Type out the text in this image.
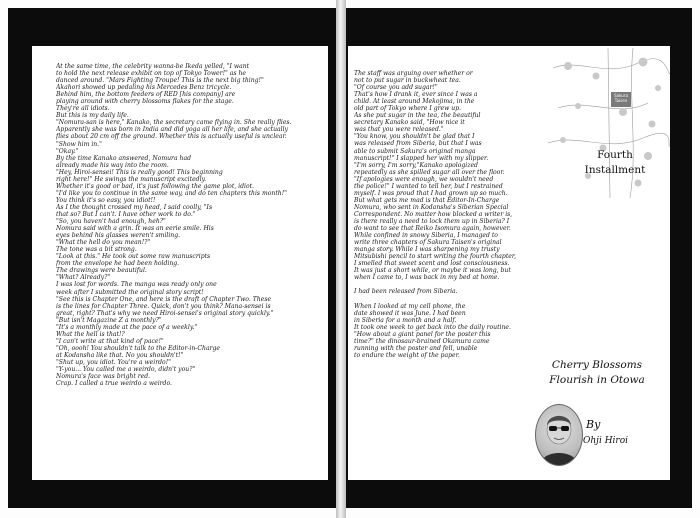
At the same time, the celebrity wanna-be Ikeda yelled, "I want
to hold the next release exhibit on top of Tokyo Tower!" as he
danced around. "Mars Fighting Troupe! This is the next big thing!"
Akahori showed up pedaling his Mercedes Benz tricycle.
Behind him, the bottom feeders of RED [his company] are
playing around with cherry blossoms flakes for the stage.
They're all idiots.
But this is my daily life.
"Nomura-san is here," Kanako, the secretary came flying in. She really flies.
Apparently she was born in India and did yoga all her life, and she actually
flies about 20 cm off the ground. Whether this is actually useful is unclear.
"Show him in."
"Okay."
By the time Kanako answered, Nomura had
already made his way into the room.
"Hey, Hiroi-sensei! This is really good! This beginning
right here!" He swings the manuscript excitedly.
Whether it's good or bad, it's just following the game plot, idiot.
"I'd like you to continue in the same way, and do ten chapters this month!"
You think it's so easy, you idiot!!
As I the thought crossed my head, I said coolly, "Is
that so? But I can't. I have other work to do."
"So, you haven't had enough, heh?"
Nomura said with a grin. It was an eerie smile. His
eyes behind his glasses weren't smiling.
"What the hell do you mean!?"
The tone was a bit strong.
"Look at this." He took out some raw manuscripts
from the envelope he had been holding.
The drawings were beautiful.
"What? Already?"
I was lost for words. The manga was ready only one
week after I submitted the original story script!
"See this is Chapter One, and here is the draft of Chapter Two. These
is the lines for Chapter Three. Quick, don't you think? Mana-sensei is
great, right? That's why we need Hiroi-sensei's original story quickly."
"But isn't Magazine Z a monthly?"
"It's a monthly made at the pace of a weekly."
What the hell is that!?
"I can't write at that kind of pace!"
"Oh, oooh! You shouldn't talk to the Editor-in-Charge
at Kodansha like that. No you shouldn't!"
"Shut up, you idiot. You're a weirdo!"
"Y-you... You called me a weirdo, didn't you?"
Nomura's face was bright red.
Crap. I called a true weirdo a weirdo.
The staff was arguing over whether or
not to put sugar in buckwheat tea.
"Of course you add sugar!"
That's how I drank it, ever since I was a
child. At least around Mekojima, in the
old part of Tokyo where I grew up.
As she put sugar in the tea, the beautiful
secretary Kanako said, "How nice it
was that you were released."
"You know, you shouldn't be glad that I
was released from Siberia, but that I was
able to submit Sakura's original manga
manuscript!" I slapped her with my slipper.
"I'm sorry, I'm sorry,"Kanako apologized
repeatedly as she spilled sugar all over the floor.
"If apologies were enough, we wouldn't need
the police!" I wanted to tell her, but I restrained
myself. I was proud that I had grown up so much.
But what gets me mad is that Editor-In-Charge
Nomura, who sent in Kodansha's Siberian Special
Correspondent. No matter how blocked a writer is,
is there really a need to lock them up in Siberia? I
do want to see that Reiko Isomura again, however.
While confined in snowy Siberia, I managed to
write three chapters of Sakura Taisen's original
manga story. While I was sharpening my trusty
Mitsubishi pencil to start writing the fourth chapter,
I smelled that sweet scent and lost consciousness.
It was just a short while, or maybe it was long, but
when I came to, I was back in my bed at home.
I had been released from Siberia.
When I looked at my cell phone, the
date showed it was June. I had been
in Siberia for a month and a half.
It took one week to get back into the daily routine.
"How about a giant panel for the poster this
time?" the dinosaur-brained Okamura came
running with the poster and fell, unable
to endure the weight of the paper.
Sakura
Taisen
Fourth
Installment
Cherry Blossoms
Flourish in Otowa
By
Ohji Hiroi
